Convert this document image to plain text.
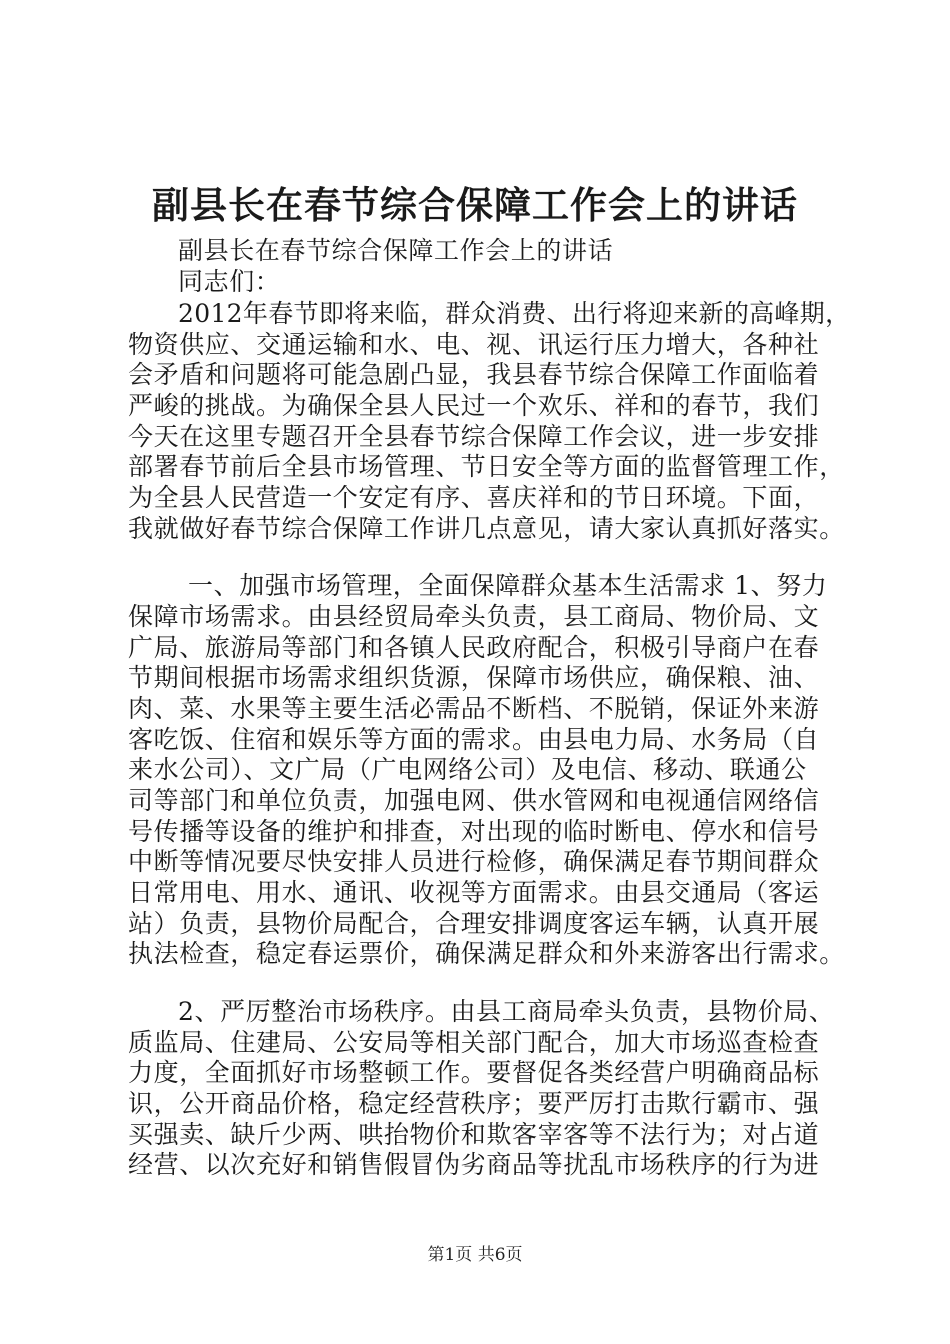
副县长在春节综合保障工作会上的讲话
副县长在春节综合保障工作会上的讲话
同志们：
2012年春节即将来临，群众消费、出行将迎来新的高峰期，
物资供应、交通运输和水、电、视、讯运行压力增大，各种社
会矛盾和问题将可能急剧凸显，我县春节综合保障工作面临着
严峻的挑战。为确保全县人民过一个欢乐、祥和的春节，我们
今天在这里专题召开全县春节综合保障工作会议，进一步安排
部署春节前后全县市场管理、节日安全等方面的监督管理工作，
为全县人民营造一个安定有序、喜庆祥和的节日环境。下面，
我就做好春节综合保障工作讲几点意见，请大家认真抓好落实。
一、加强市场管理，全面保障群众基本生活需求 1、努力
保障市场需求。由县经贸局牵头负责，县工商局、物价局、文
广局、旅游局等部门和各镇人民政府配合，积极引导商户在春
节期间根据市场需求组织货源，保障市场供应，确保粮、油、
肉、菜、水果等主要生活必需品不断档、不脱销，保证外来游
客吃饭、住宿和娱乐等方面的需求。由县电力局、水务局（自
来水公司）、文广局（广电网络公司）及电信、移动、联通公
司等部门和单位负责，加强电网、供水管网和电视通信网络信
号传播等设备的维护和排查，对出现的临时断电、停水和信号
中断等情况要尽快安排人员进行检修，确保满足春节期间群众
日常用电、用水、通讯、收视等方面需求。由县交通局（客运
站）负责，县物价局配合，合理安排调度客运车辆，认真开展
执法检查，稳定春运票价，确保满足群众和外来游客出行需求。
2、严厉整治市场秩序。由县工商局牵头负责，县物价局、
质监局、住建局、公安局等相关部门配合，加大市场巡查检查
力度，全面抓好市场整顿工作。要督促各类经营户明确商品标
识，公开商品价格，稳定经营秩序；要严厉打击欺行霸市、强
买强卖、缺斤少两、哄抬物价和欺客宰客等不法行为；对占道
经营、以次充好和销售假冒伪劣商品等扰乱市场秩序的行为进
第1页 共6页
